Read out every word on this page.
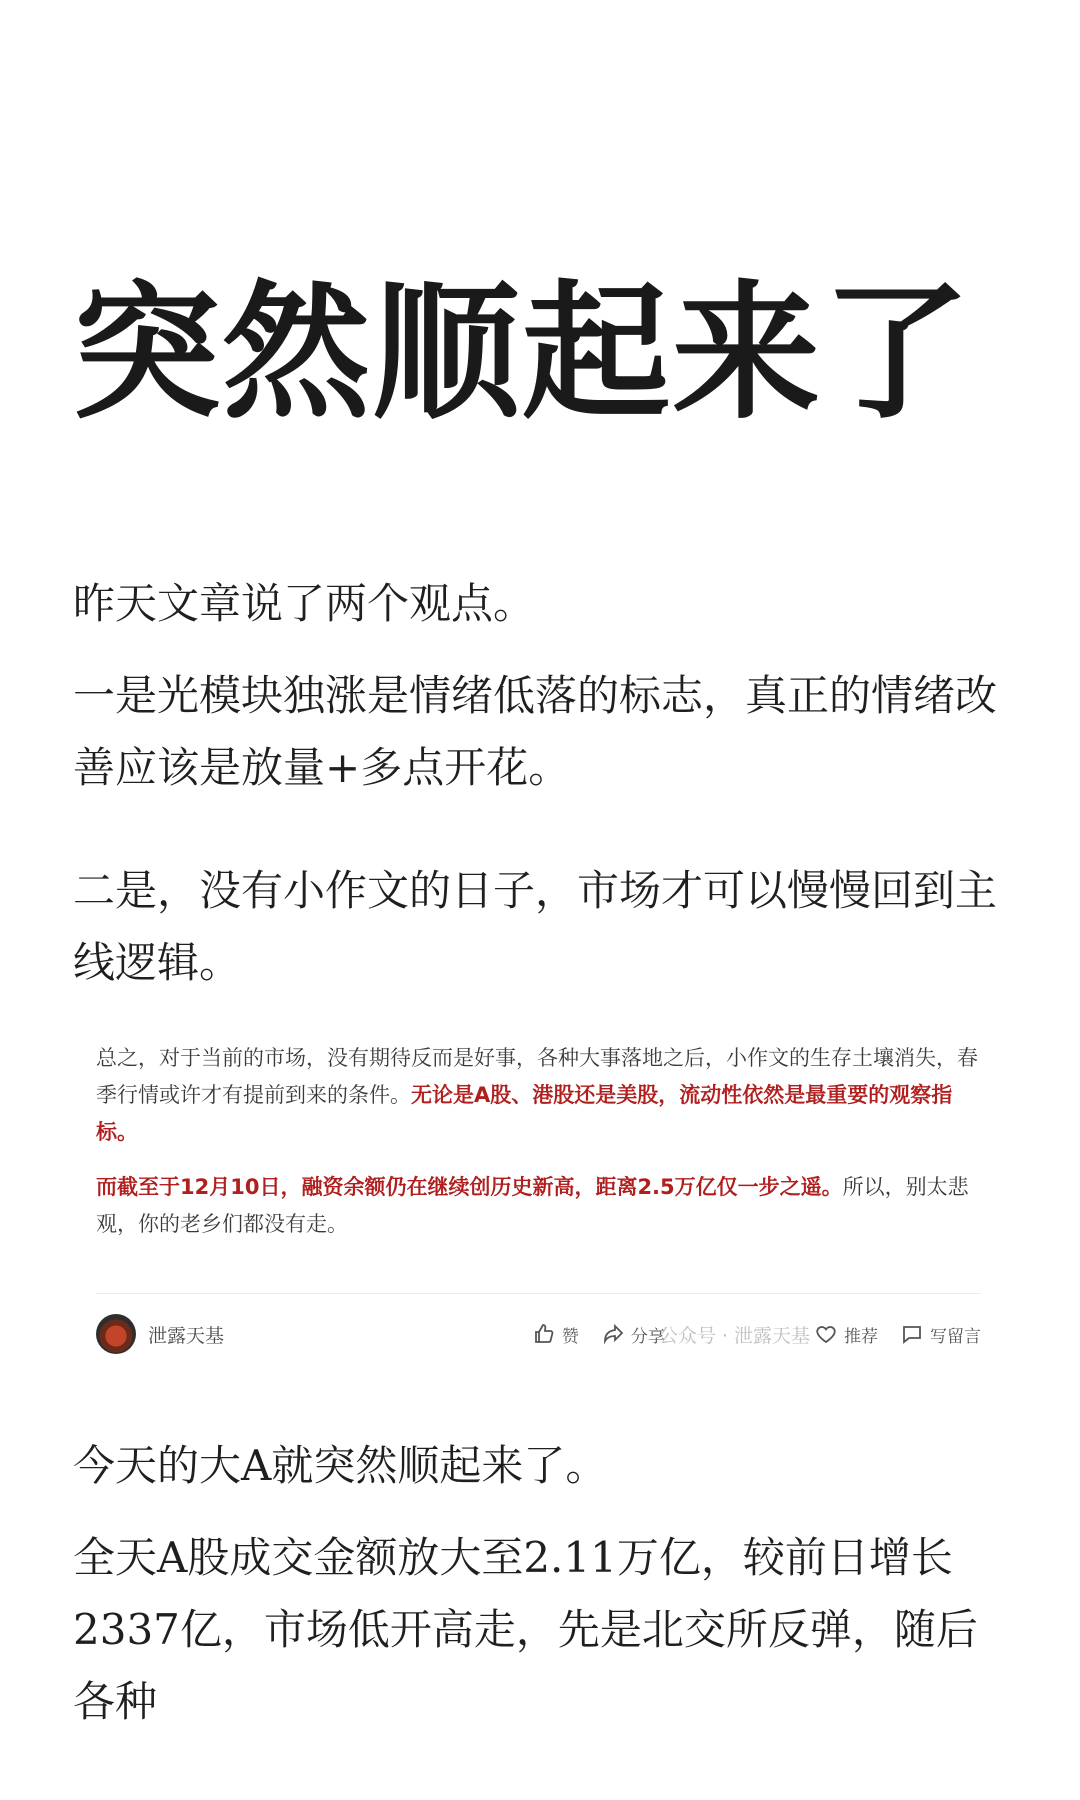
突然顺起来了

昨天文章说了两个观点。

一是光模块独涨是情绪低落的标志，真正的情绪改善应该是放量+多点开花。

二是，没有小作文的日子，市场才可以慢慢回到主线逻辑。

总之，对于当前的市场，没有期待反而是好事，各种大事落地之后，小作文的生存土壤消失，春季行情或许才有提前到来的条件。无论是A股、港股还是美股，流动性依然是最重要的观察指标。

而截至于12月10日，融资余额仍在继续创历史新高，距离2.5万亿仅一步之遥。所以，别太悲观，你的老乡们都没有走。

泄露天基	赞	分享
公众号 · 泄露天基 推荐	写留言

今天的大A就突然顺起来了。

全天A股成交金额放大至2.11万亿，较前日增长2337亿，市场低开高走，先是北交所反弹，随后各种
